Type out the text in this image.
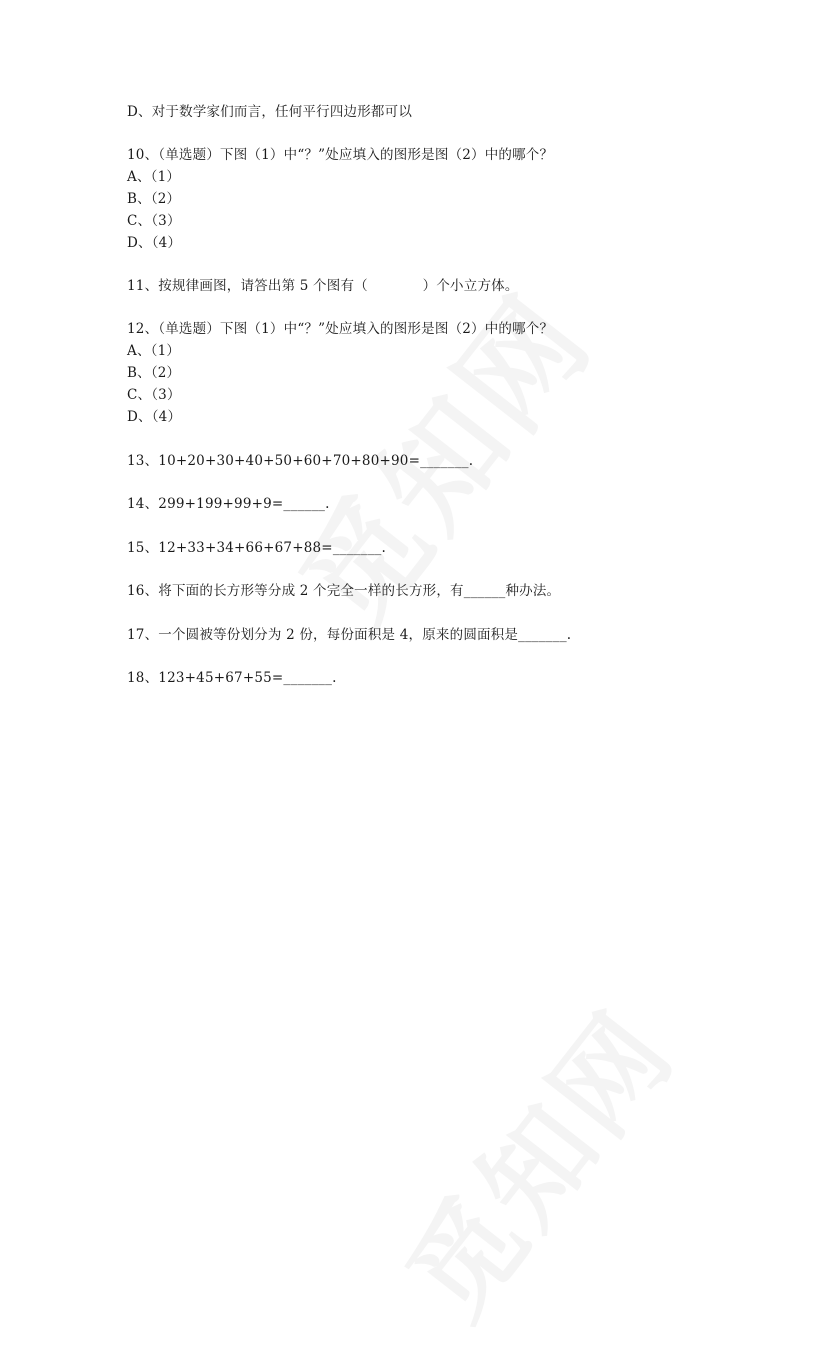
D、对于数学家们而言，任何平行四边形都可以
10、（单选题）下图（1）中“？”处应填入的图形是图（2）中的哪个？
A、（1）
B、（2）
C、（3）
D、（4）
11、按规律画图，请答出第 5 个图有（　　　　）个小立方体。
12、（单选题）下图（1）中“？”处应填入的图形是图（2）中的哪个？
A、（1）
B、（2）
C、（3）
D、（4）
13、10+20+30+40+50+60+70+80+90=_______.
14、299+199+99+9=______.
15、12+33+34+66+67+88=_______.
16、将下面的长方形等分成 2 个完全一样的长方形，有______种办法。
17、一个圆被等份划分为 2 份，每份面积是 4，原来的圆面积是_______.
18、123+45+67+55=_______.
